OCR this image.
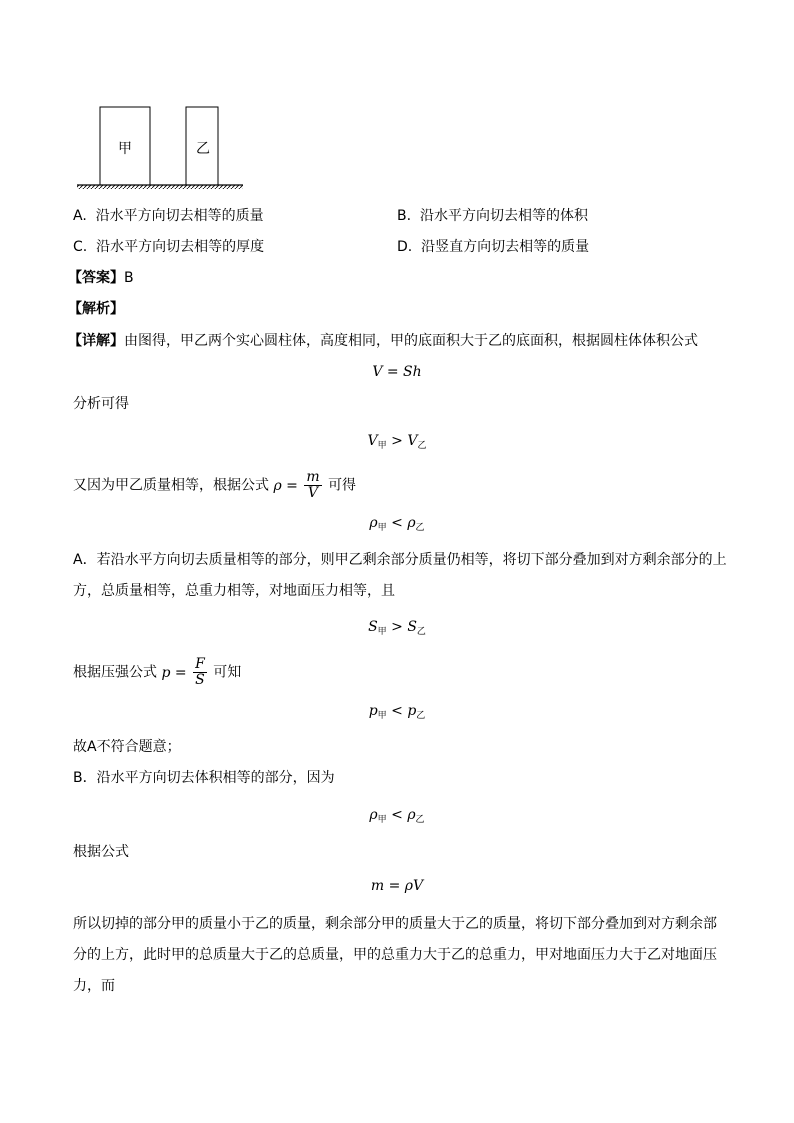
甲	乙
A. 沿水平方向切去相等的质量	B. 沿水平方向切去相等的体积
C. 沿水平方向切去相等的厚度	D. 沿竖直方向切去相等的质量
【答案】B
【解析】
【详解】由图得，甲乙两个实心圆柱体，高度相同，甲的底面积大于乙的底面积，根据圆柱体体积公式
V = Sh
分析可得
$V_甲 > V_乙$
又因为甲乙质量相等，根据公式 $\rho = \frac{m}{V}$ 可得
$\rho_甲 < \rho_乙$
A．若沿水平方向切去质量相等的部分，则甲乙剩余部分质量仍相等，将切下部分叠加到对方剩余部分的上
方，总质量相等，总重力相等，对地面压力相等，且
$S_甲 > S_乙$
根据压强公式 $p = \frac{F}{S}$ 可知
$p_甲 < p_乙$
故A不符合题意；
B．沿水平方向切去体积相等的部分，因为
$\rho_甲 < \rho_乙$
根据公式
m = ρV
所以切掉的部分甲的质量小于乙的质量，剩余部分甲的质量大于乙的质量，将切下部分叠加到对方剩余部
分的上方，此时甲的总质量大于乙的总质量，甲的总重力大于乙的总重力，甲对地面压力大于乙对地面压
力，而
